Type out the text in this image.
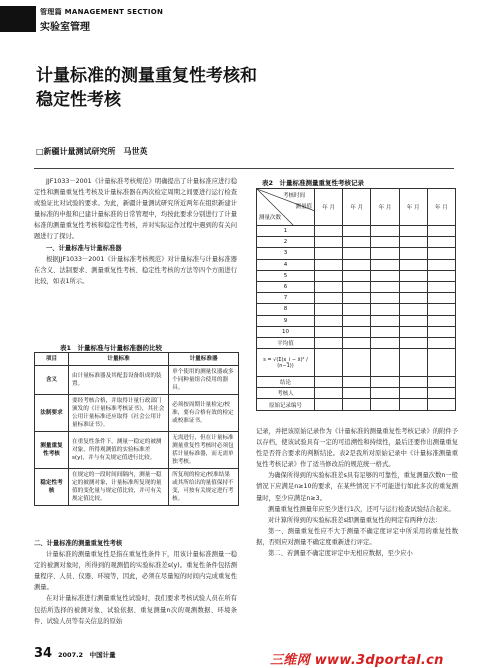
管理篇 MANAGEMENT SECTION
实验室管理
计量标准的测量重复性考核和
稳定性考核
□新疆计量测试研究所　马世英

JJF1033－2001《计量标准考核规范》明确提出了计量标准应进行稳定性和测量重复性考核及计量标准器在两次检定周期之间要进行运行检查或验证比对试验的要求。为此，新疆计量测试研究所近两年在组织新建计量标准的申报和已建计量标准的日常管理中，均按此要求分别进行了计量标准的测量重复性考核和稳定性考核，并对实际运作过程中遇到的有关问题进行了探讨。

一、计量标准与计量标准器

根据JJF1033－2001《计量标准考核规范》对计量标准与计量标准器在含义、法制要求、测量重复性考核、稳定性考核的方法等四个方面进行比较，如表1所示。

表1　计量标准与计量标准器的比较
项目	计量标准	计量标准器
含义	由计量标准器及其配套设备组成的装置。	单个使用的测量仪器或多个同种量组合使用的器具。
法制要求	要经考核合格，并取得计量行政部门颁发的《计量标准考核证书》，其社会公用计量标准还应取得《社会公用计量标准证书》。	必须按周期计量检定/校准，要有合格有效的检定或校准证书。
测量重复性考核	在重复性条件下，测量一稳定的被测对象，所得观测值的实验标准差s(y)，并与有关规定值进行比较。	无需进行，但在计量标准测量重复性考核时必须包括计量标准器，而无需单独考核。
稳定性考核	在规定的一段时间间隔内，测量一稳定的被测对象，计量标准所复现的量值的变化量与规定值比较，并可有关规定值比较。	所复现的检定/校准结果或其所给出的量值保持不变，可按有关规定进行考核。

二、计量标准的测量重复性考核

计量标准的测量重复性是指在重复性条件下，用该计量标准测量一稳定的被测对象时，所得到的观测值的实验标准差s(y)。重复性条件包括测量程序、人员、仪器、环境等，因此，必须在尽量短的时间内完成重复性测量。

在对计量标准进行测量重复性试验时，我们要求考核试验人员在所有包括所选择的被测对象、试验依据、重复测量n次的观测数据、环境条件、试验人员等有关信息的原始

表2　计量标准测量重复性考核记录
考核时间
测量值
测量次数	年 月	年 月	年 月	年 月	年 月
1					
2					
3					
4					
5					
6					
7					
8					
9					
10					
平均值					
s = √(Σ(x_i − x̄)² / (n−1))					
结论					
考核人					
原始记录编号					

记录，并把该原始记录作为《计量标准的测量重复性考核记录》的附件予以存档，使该试验具有一定的可追溯性和持续性，最后还要作出测量重复性是否符合要求的判断结论。表2是我所对原始记录中《计量标准测量重复性考核记录》作了适当修改后的规范统一格式。

为确保所得到的实验标准差s具有足够的可靠性，重复测量次数n一般情况下应满足n≥10的要求，在某些情况下不可能进行如此多次的重复测量时，至少应满足n≥3。

测量重复性测量年应至少进行1次，还可与运行检查试验结合起来。

对计算所得到的实验标准差s即测量重复性的判定有两种方法：

第一、测量重复性应不大于测量不确定度评定中所采用的重复性数据，否则应对测量不确定度重新进行评定。

第二、若测量不确定度评定中无相应数据，至少应小

34 2007.2　中国计量	三维网 www.3dportal.cn
